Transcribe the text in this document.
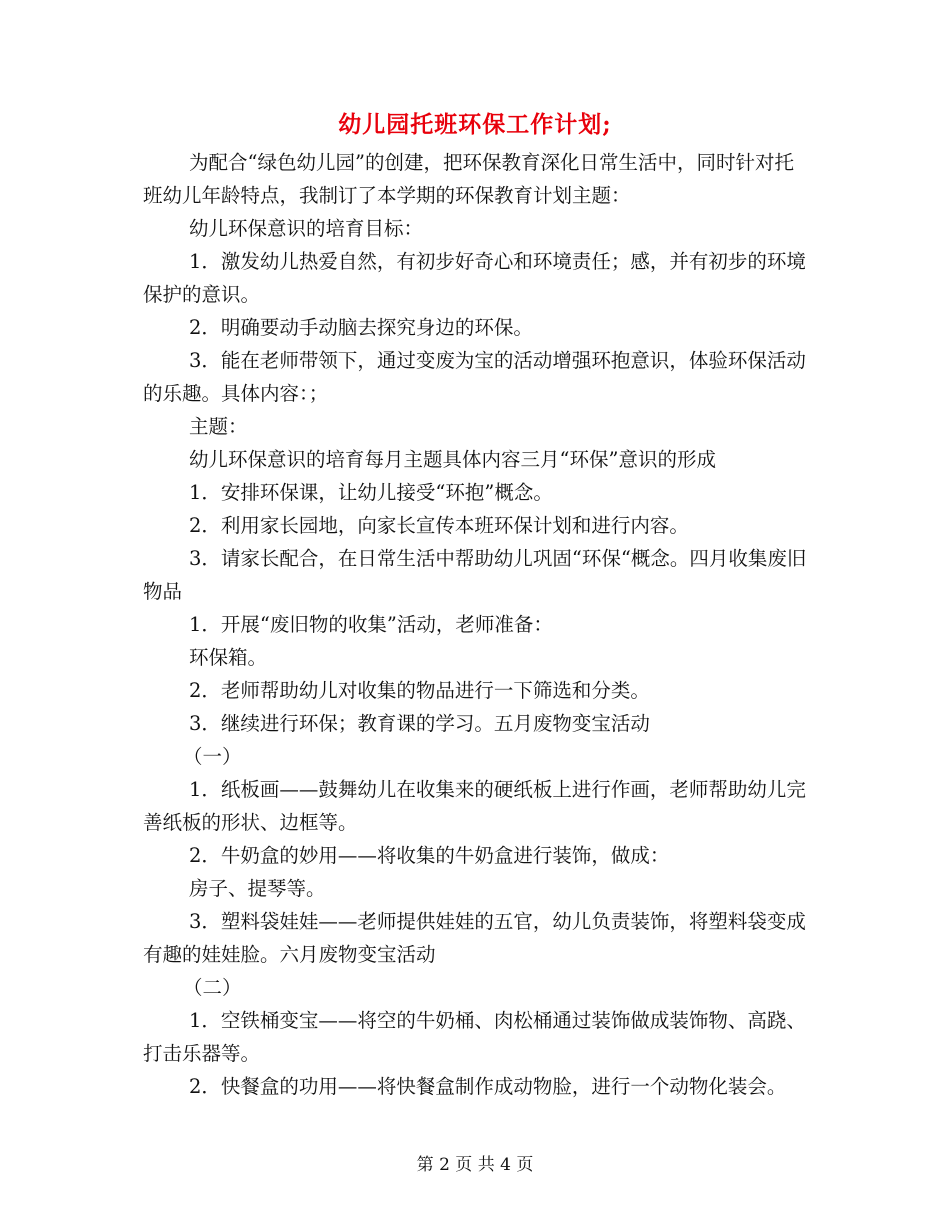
幼儿园托班环保工作计划;

为配合“绿色幼儿园”的创建，把环保教育深化日常生活中，同时针对托班幼儿年龄特点，我制订了本学期的环保教育计划主题：

幼儿环保意识的培育目标：

1．激发幼儿热爱自然，有初步好奇心和环境责任；感，并有初步的环境保护的意识。

2．明确要动手动脑去探究身边的环保。

3．能在老师带领下，通过变废为宝的活动增强环抱意识，体验环保活动的乐趣。具体内容：；

主题：

幼儿环保意识的培育每月主题具体内容三月“环保”意识的形成

1．安排环保课，让幼儿接受“环抱”概念。

2．利用家长园地，向家长宣传本班环保计划和进行内容。

3．请家长配合，在日常生活中帮助幼儿巩固“环保“概念。四月收集废旧物品

1．开展“废旧物的收集”活动，老师准备：

环保箱。

2．老师帮助幼儿对收集的物品进行一下筛选和分类。

3．继续进行环保；教育课的学习。五月废物变宝活动

（一）

1．纸板画——鼓舞幼儿在收集来的硬纸板上进行作画，老师帮助幼儿完善纸板的形状、边框等。

2．牛奶盒的妙用——将收集的牛奶盒进行装饰，做成：

房子、提琴等。

3．塑料袋娃娃——老师提供娃娃的五官，幼儿负责装饰，将塑料袋变成有趣的娃娃脸。六月废物变宝活动

（二）

1．空铁桶变宝——将空的牛奶桶、肉松桶通过装饰做成装饰物、高跷、打击乐器等。

2．快餐盒的功用——将快餐盒制作成动物脸，进行一个动物化装会。

第 2 页 共 4 页
